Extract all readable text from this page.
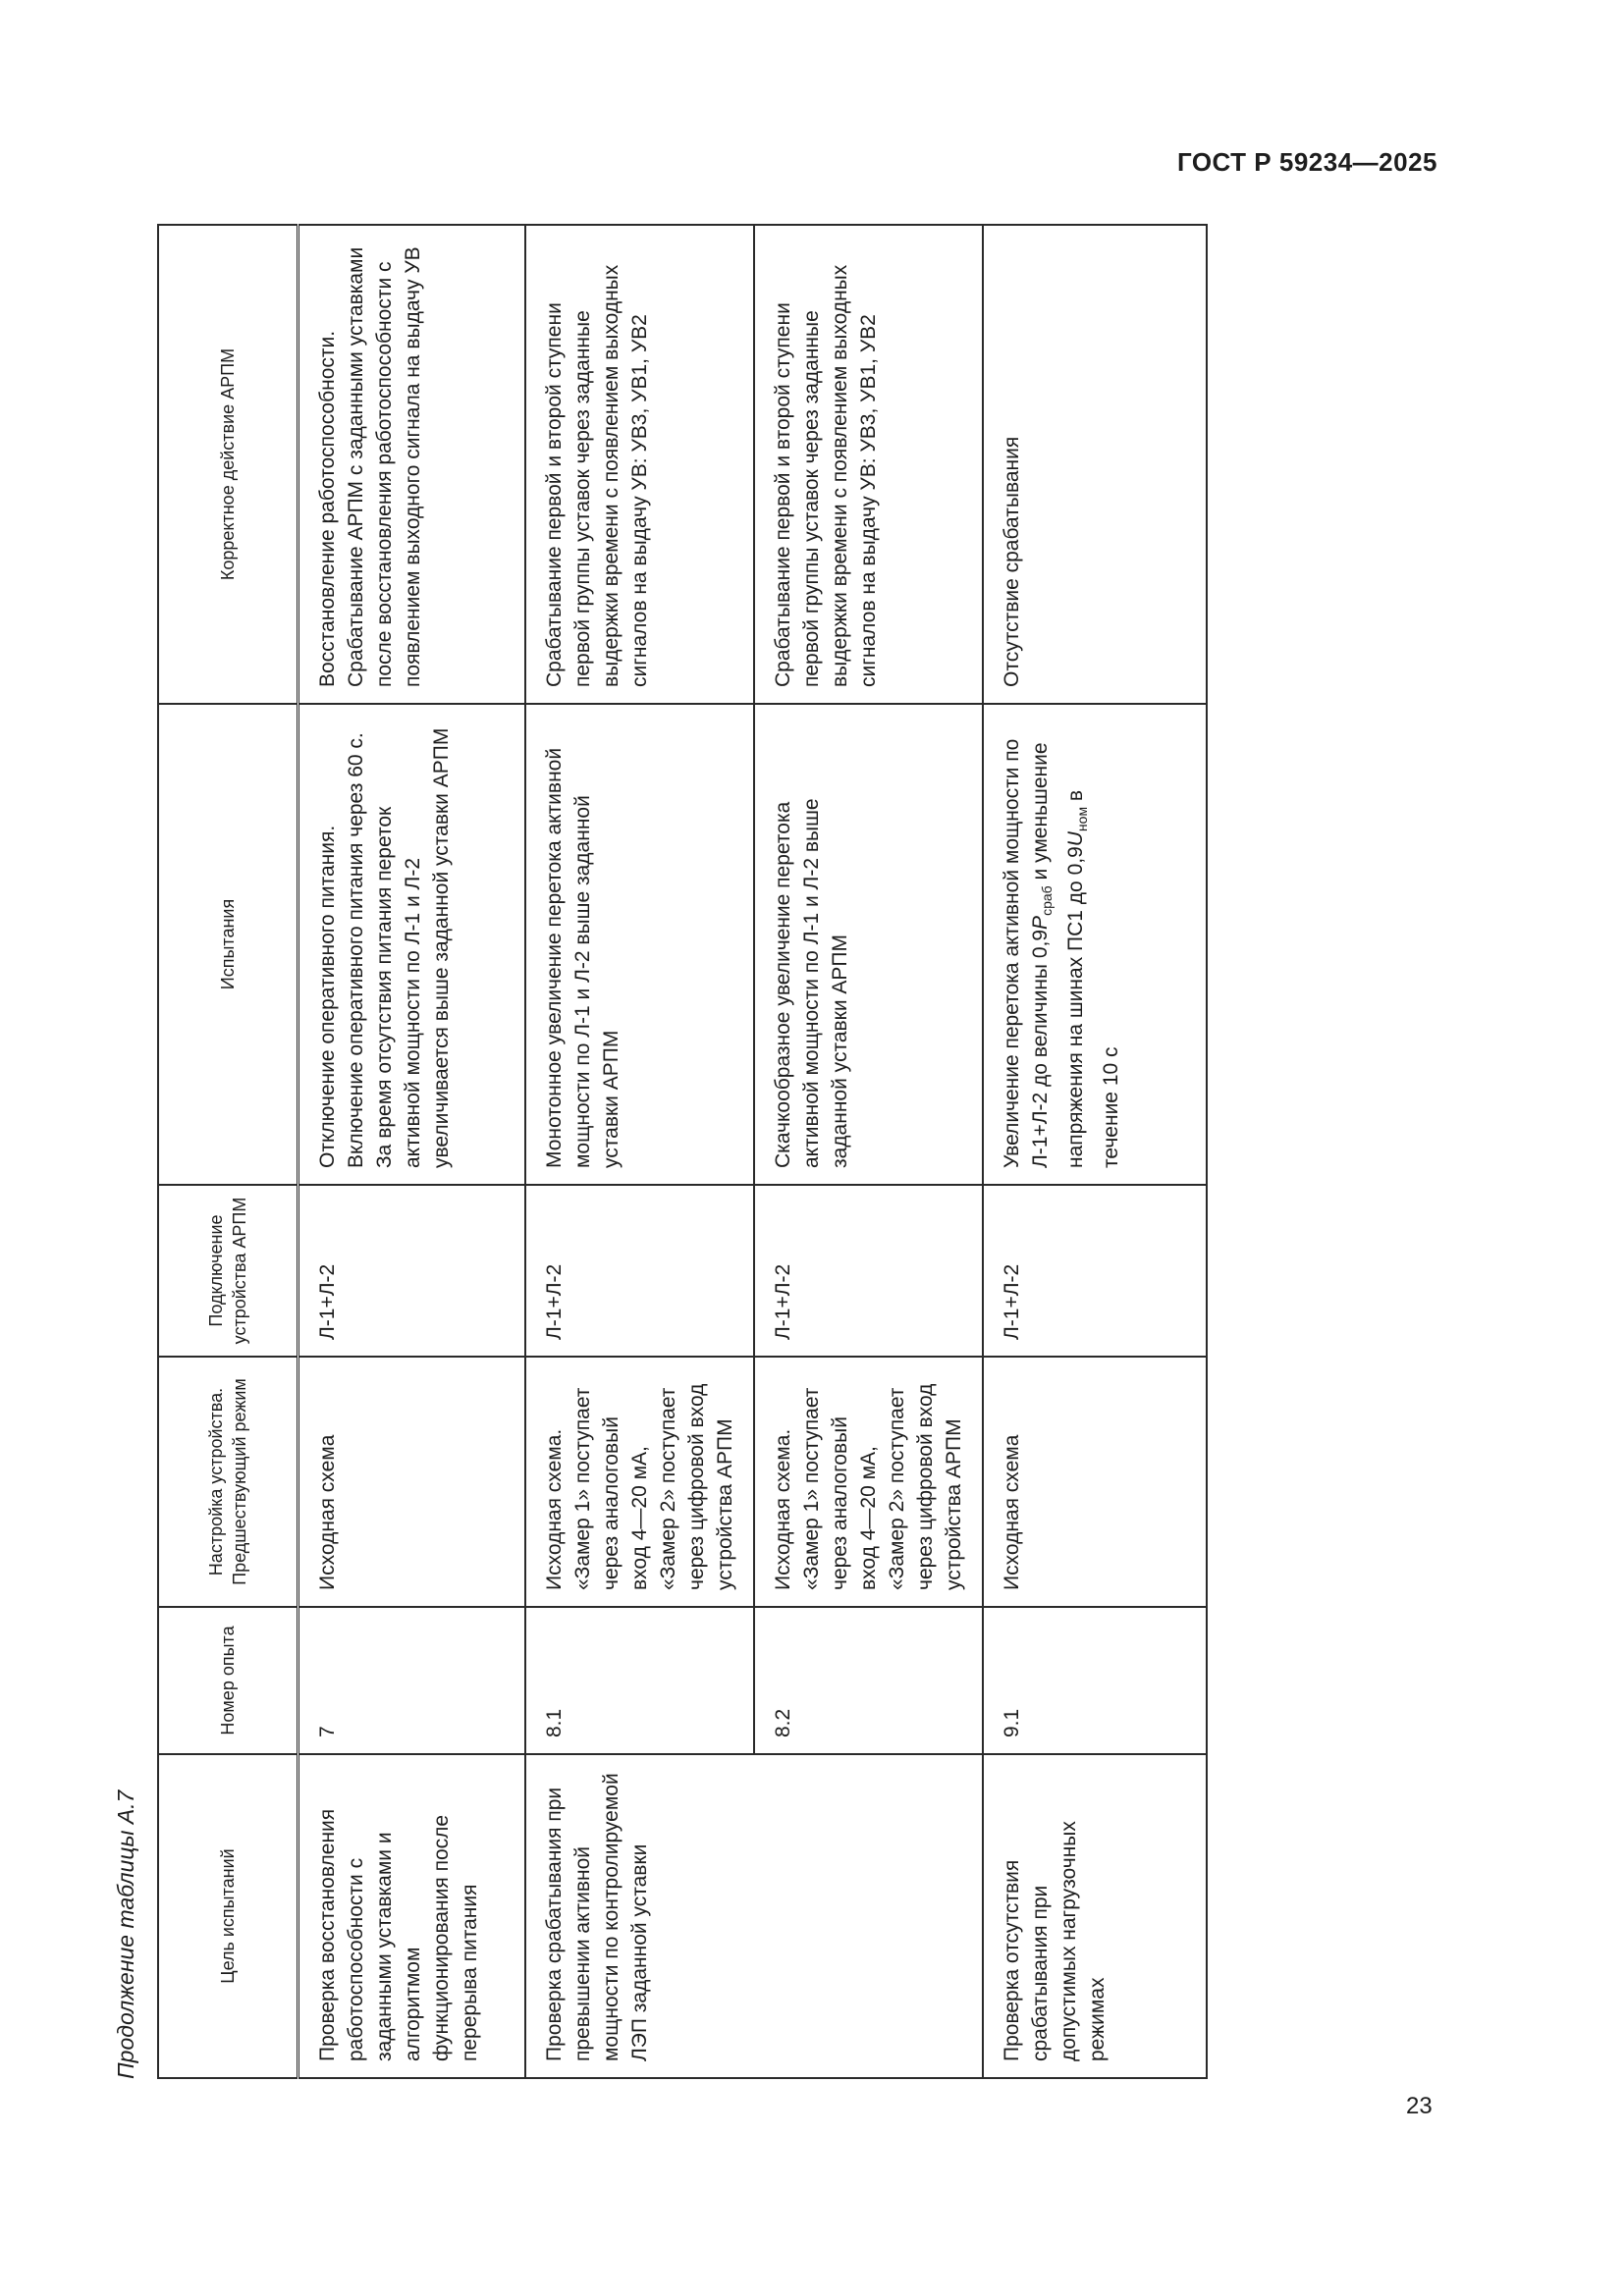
ГОСТ Р 59234—2025
Продолжение таблицы А.7	Цель испытаний	Номер опыта	Настройка устройства. Предшествующий режим	Подключение устройства АРПМ	Испытания	Корректное действие АРПМ
Проверка восстановления работоспособности с заданными уставками и алгоритмом функционирования после перерыва питания	7	Исходная схема	Л-1+Л-2	Отключение оперативного питания. Включение оперативного питания через 60 с. За время отсутствия питания переток активной мощности по Л-1 и Л-2 увеличивается выше заданной уставки АРПМ	Восстановление работоспособности. Срабатывание АРПМ с заданными уставками после восстановления работоспособности с появлением выходного сигнала на выдачу УВ
Проверка срабатывания при превышении активной мощности по контролируемой ЛЭП заданной уставки	8.1	Исходная схема. «Замер 1» поступает через аналоговый вход 4—20 мА, «Замер 2» поступает через цифровой вход устройства АРПМ	Л-1+Л-2	Монотонное увеличение перетока активной мощности по Л-1 и Л-2 выше заданной уставки АРПМ	Срабатывание первой и второй ступени первой группы уставок через заданные выдержки времени с появлением выходных сигналов на выдачу УВ: УВ3, УВ1, УВ2
	8.2	Исходная схема. «Замер 1» поступает через аналоговый вход 4—20 мА, «Замер 2» поступает через цифровой вход устройства АРПМ	Л-1+Л-2	Скачкообразное увеличение перетока активной мощности по Л-1 и Л-2 выше заданной уставки АРПМ	Срабатывание первой и второй ступени первой группы уставок через заданные выдержки времени с появлением выходных сигналов на выдачу УВ: УВ3, УВ1, УВ2
Проверка отсутствия срабатывания при допустимых нагрузочных режимах	9.1	Исходная схема	Л-1+Л-2	Увеличение перетока активной мощности по Л-1+Л-2 до величины $0,9P_{сраб}$ и уменьшение напряжения на шинах ПС1 до $0,9U_{ном}$ в течение 10 с	Отсутствие срабатывания
23
